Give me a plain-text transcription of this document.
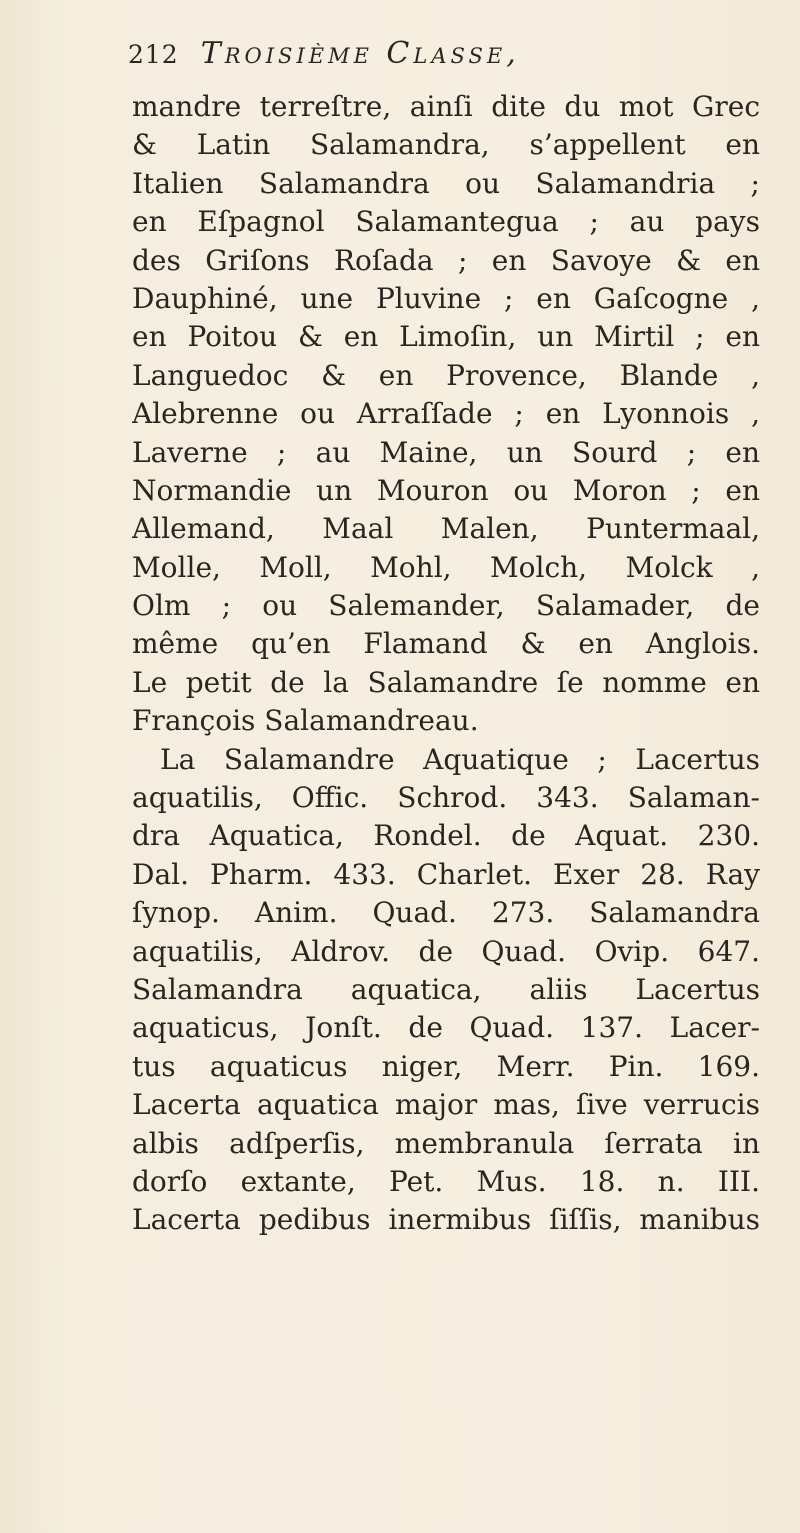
212 Troisième Classe,
mandre terreſtre, ainſi dite du mot Grec
& Latin Salamandra, s’appellent en
Italien Salamandra ou Salamandria ;
en Eſpagnol Salamantegua ; au pays
des Griſons Roſada ; en Savoye & en
Dauphiné, une Pluvine ; en Gaſcogne ,
en Poitou & en Limoſin, un Mirtil ; en
Languedoc & en Provence, Blande ,
Alebrenne ou Arraſſade ; en Lyonnois ,
Laverne ; au Maine, un Sourd ; en
Normandie un Mouron ou Moron ; en
Allemand, Maal Malen, Puntermaal,
Molle, Moll, Mohl, Molch, Molck ,
Olm ; ou Salemander, Salamader, de
même qu’en Flamand & en Anglois.
Le petit de la Salamandre ſe nomme en
François Salamandreau.
La Salamandre Aquatique ; Lacertus
aquatilis, Offic. Schrod. 343. Salaman-
dra Aquatica, Rondel. de Aquat. 230.
Dal. Pharm. 433. Charlet. Exer 28. Ray
ſynop. Anim. Quad. 273. Salamandra
aquatilis, Aldrov. de Quad. Ovip. 647.
Salamandra aquatica, aliis Lacertus
aquaticus, Jonſt. de Quad. 137. Lacer-
tus aquaticus niger, Merr. Pin. 169.
Lacerta aquatica major mas, ſive verrucis
albis adſperſis, membranula ſerrata in
dorſo extante, Pet. Mus. 18. n. III.
Lacerta pedibus inermibus ſiſſis, manibus
